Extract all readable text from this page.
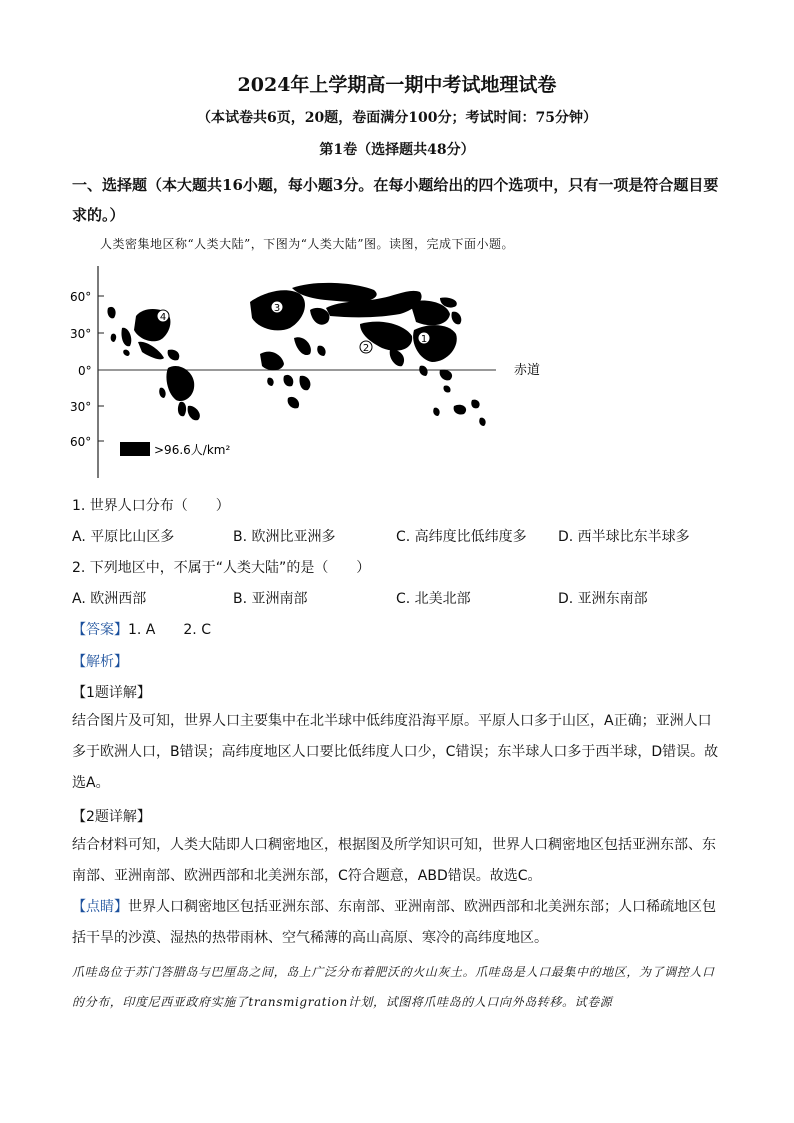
2024年上学期高一期中考试地理试卷
（本试卷共6页，20题，卷面满分100分；考试时间：75分钟）
第1卷（选择题共48分）
一、选择题（本大题共16小题，每小题3分。在每小题给出的四个选项中，只有一项是符合题目要求的。）
人类密集地区称“人类大陆”，下图为“人类大陆”图。读图，完成下面小题。
60°
30°
0°
30°
60°
赤道
4
3
2
1
>96.6人/km²
1. 世界人口分布（　　）
A. 平原比山区多	B. 欧洲比亚洲多	C. 高纬度比低纬度多 D. 西半球比东半球多
2. 下列地区中，不属于“人类大陆”的是（　　）
A. 欧洲西部	B. 亚洲南部	C. 北美北部	D. 亚洲东南部
【答案】1. A　　2. C
【解析】
【1题详解】
结合图片及可知，世界人口主要集中在北半球中低纬度沿海平原。平原人口多于山区，A正确；亚洲人口多于欧洲人口，B错误；高纬度地区人口要比低纬度人口少，C错误；东半球人口多于西半球，D错误。故选A。
【2题详解】
结合材料可知，人类大陆即人口稠密地区，根据图及所学知识可知，世界人口稠密地区包括亚洲东部、东南部、亚洲南部、欧洲西部和北美洲东部，C符合题意，ABD错误。故选C。
【点睛】世界人口稠密地区包括亚洲东部、东南部、亚洲南部、欧洲西部和北美洲东部；人口稀疏地区包括干旱的沙漠、湿热的热带雨林、空气稀薄的高山高原、寒冷的高纬度地区。
爪哇岛位于苏门答腊岛与巴厘岛之间，岛上广泛分布着肥沃的火山灰土。爪哇岛是人口最集中的地区，为了调控人口的分布，印度尼西亚政府实施了transmigration计划，试图将爪哇岛的人口向外岛转移。试卷源
